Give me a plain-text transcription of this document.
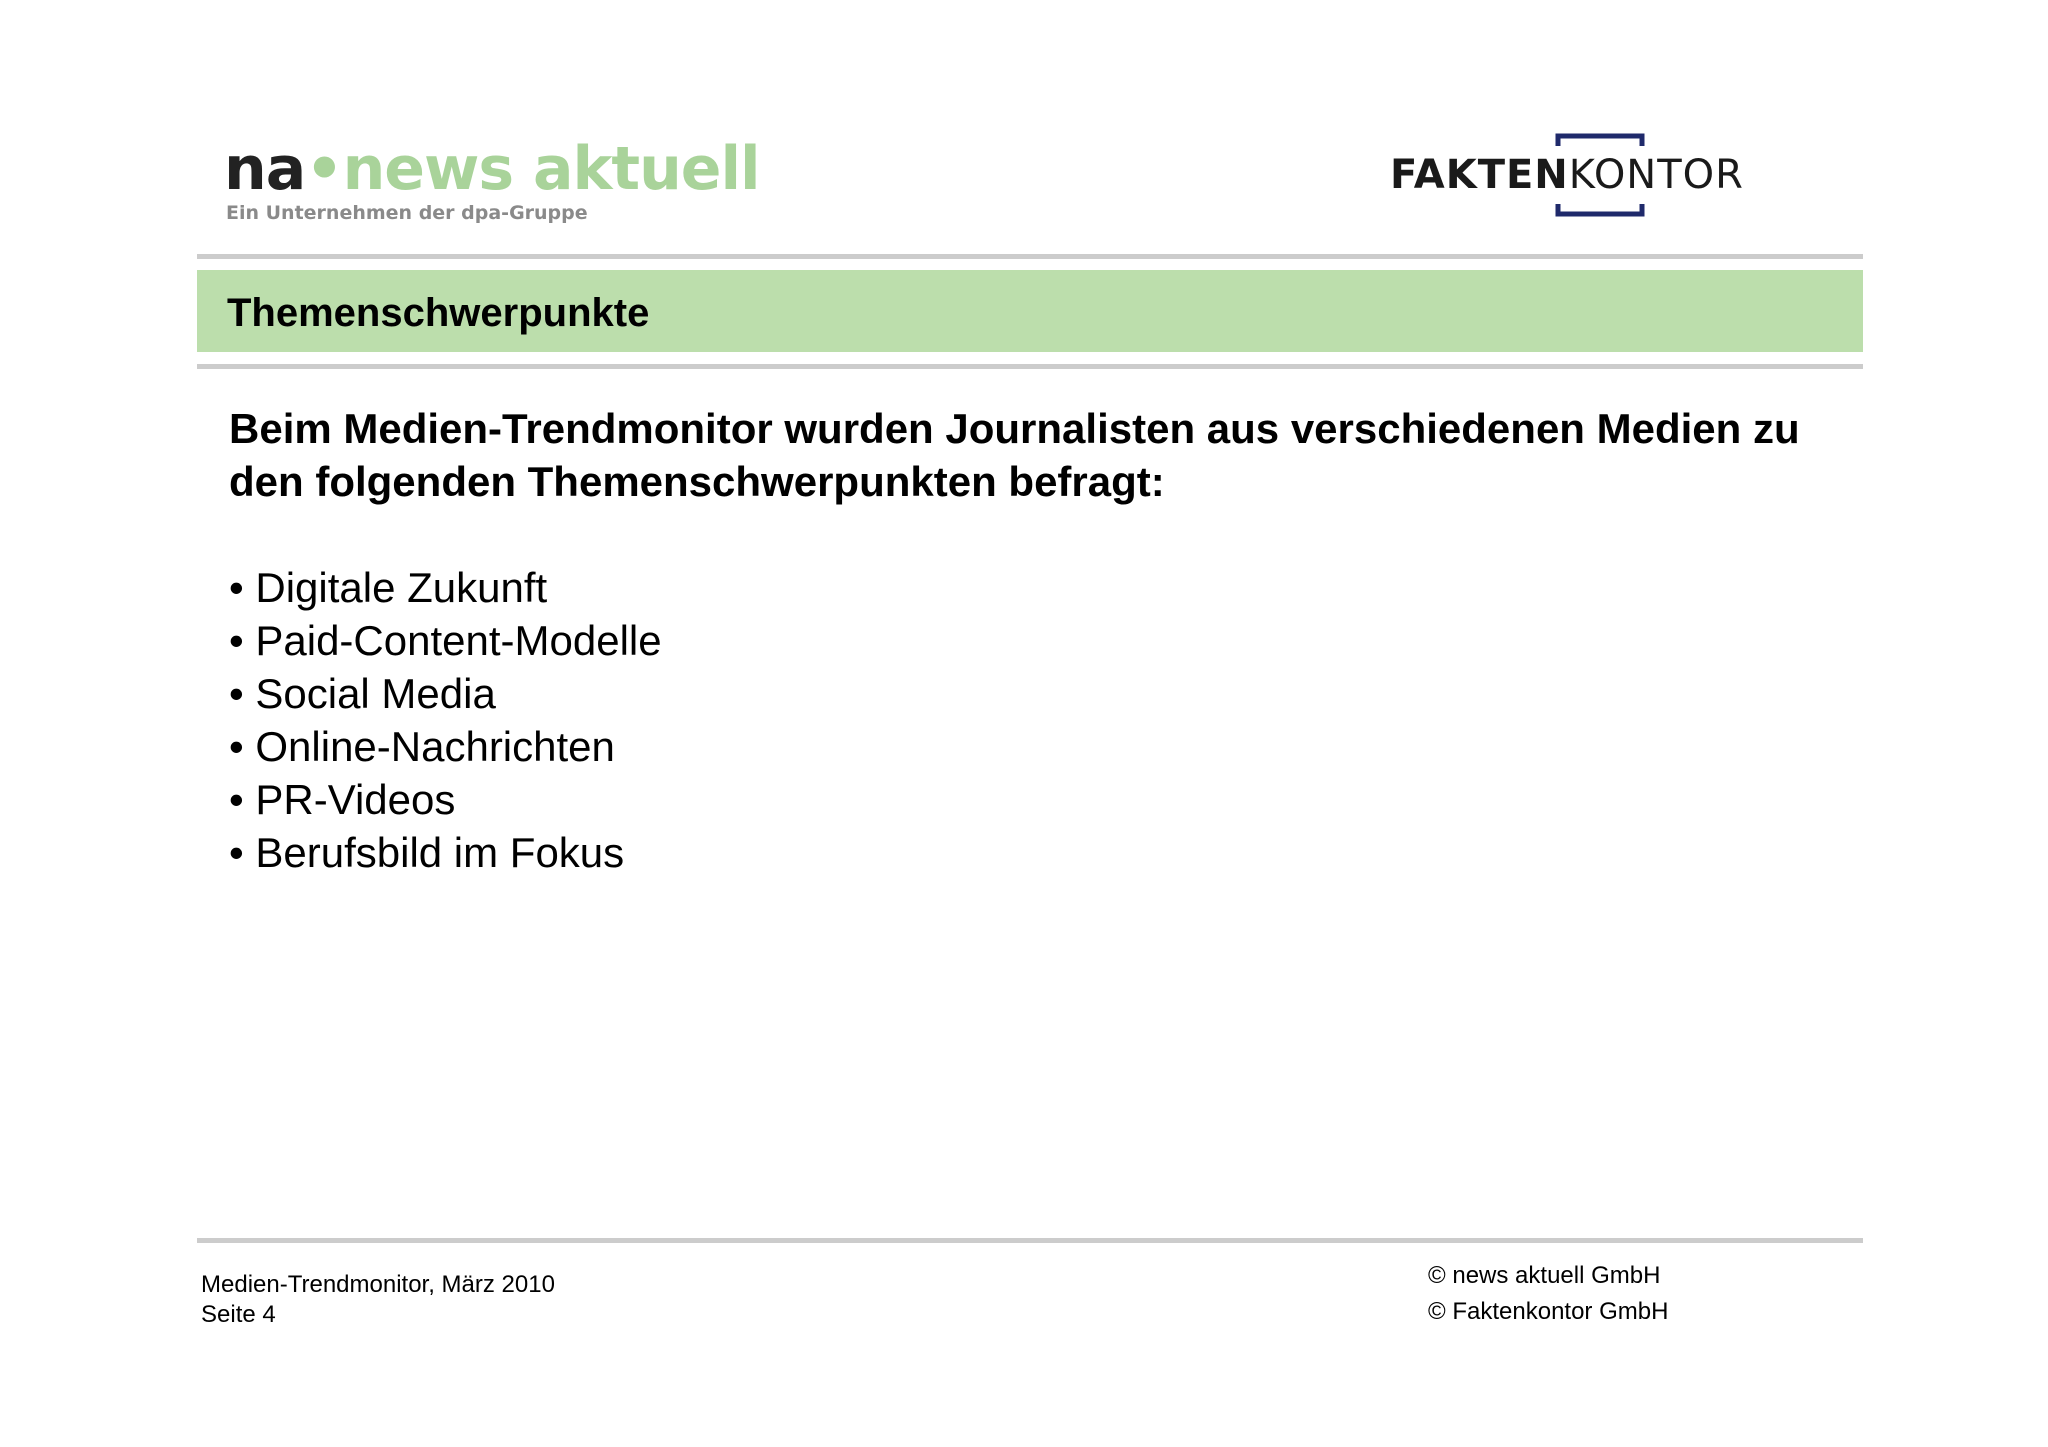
na•news aktuell
Ein Unternehmen der dpa-Gruppe
FAKTENKONTOR
Themenschwerpunkte
Beim Medien-Trendmonitor wurden Journalisten aus verschiedenen Medien zu den folgenden Themenschwerpunkten befragt:
• Digitale Zukunft
• Paid-Content-Modelle
• Social Media
• Online-Nachrichten
• PR-Videos
• Berufsbild im Fokus
Medien-Trendmonitor, März 2010
Seite 4
© news aktuell GmbH
© Faktenkontor GmbH
